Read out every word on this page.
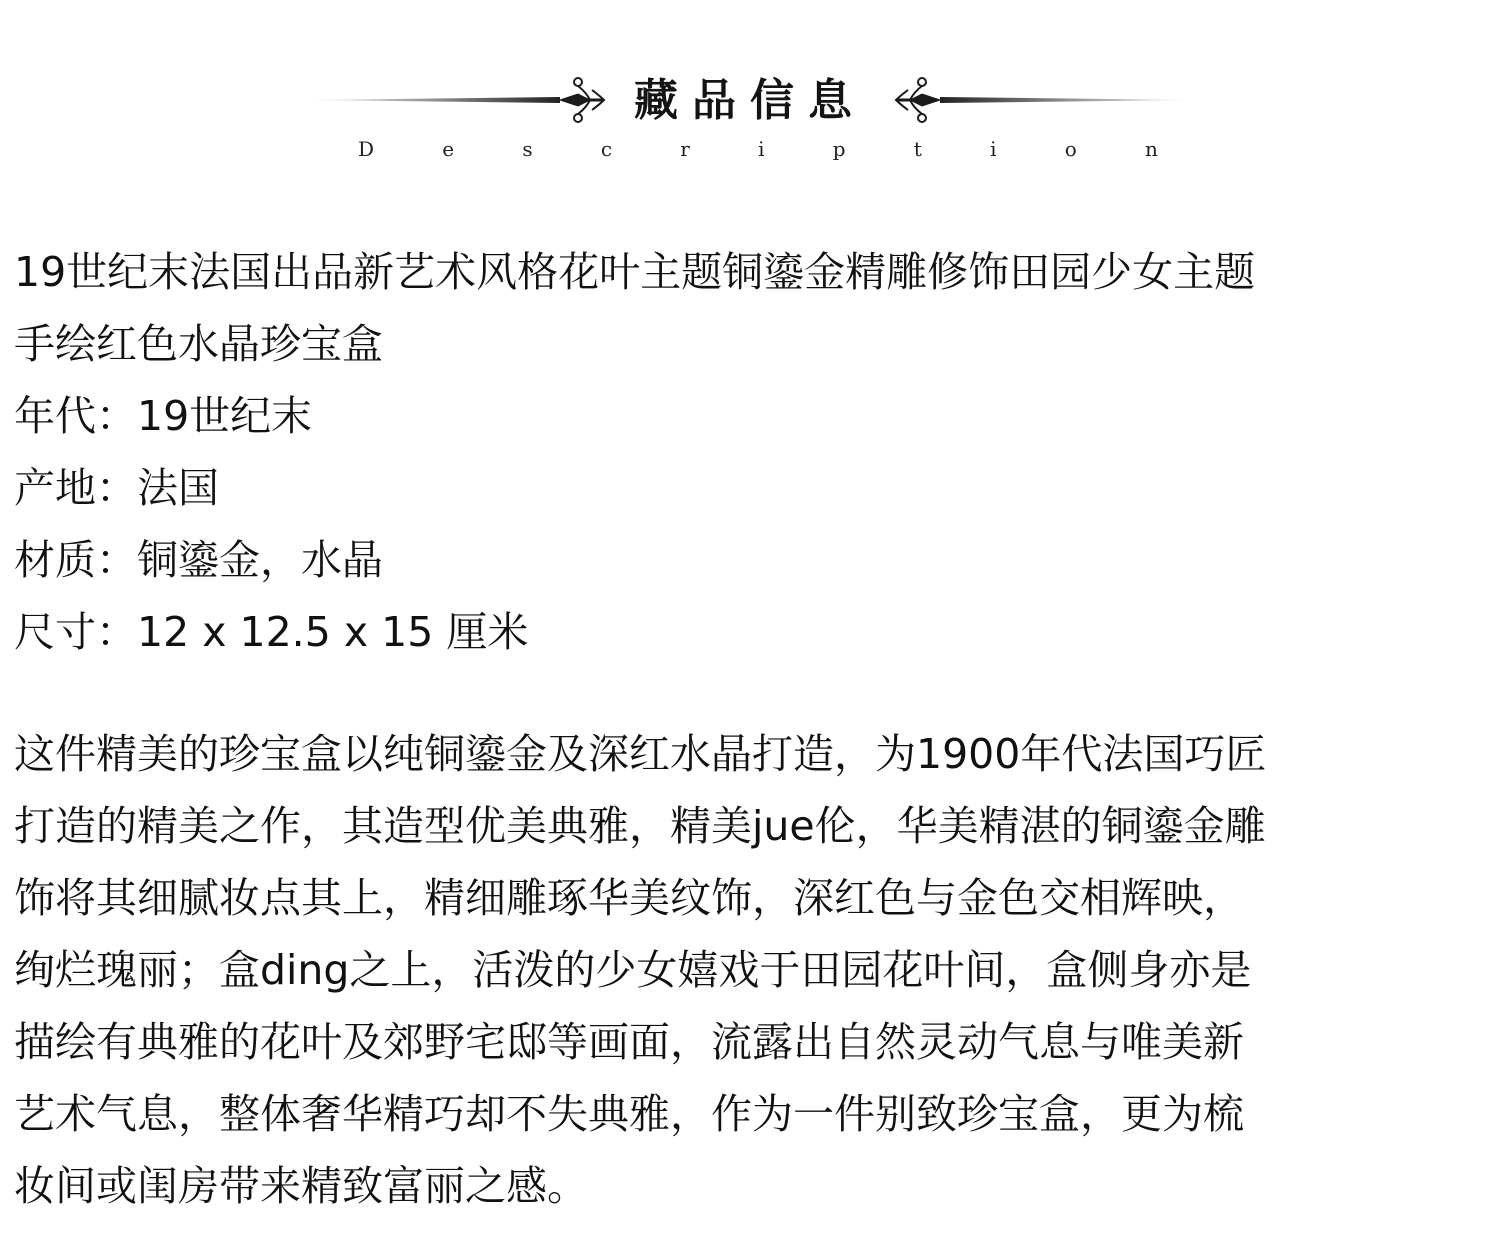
藏品信息
D	e	s	c	r	i	p	t	i	o	n
19世纪末法国出品新艺术风格花叶主题铜鎏金精雕修饰田园少女主题
手绘红色水晶珍宝盒
年代：19世纪末
产地：法国
材质：铜鎏金，水晶
尺寸：12 x 12.5 x 15 厘米
这件精美的珍宝盒以纯铜鎏金及深红水晶打造，为1900年代法国巧匠
打造的精美之作，其造型优美典雅，精美jue伦，华美精湛的铜鎏金雕
饰将其细腻妆点其上，精细雕琢华美纹饰，深红色与金色交相辉映，
绚烂瑰丽；盒ding之上，活泼的少女嬉戏于田园花叶间，盒侧身亦是
描绘有典雅的花叶及郊野宅邸等画面，流露出自然灵动气息与唯美新
艺术气息，整体奢华精巧却不失典雅，作为一件别致珍宝盒，更为梳
妆间或闺房带来精致富丽之感。
